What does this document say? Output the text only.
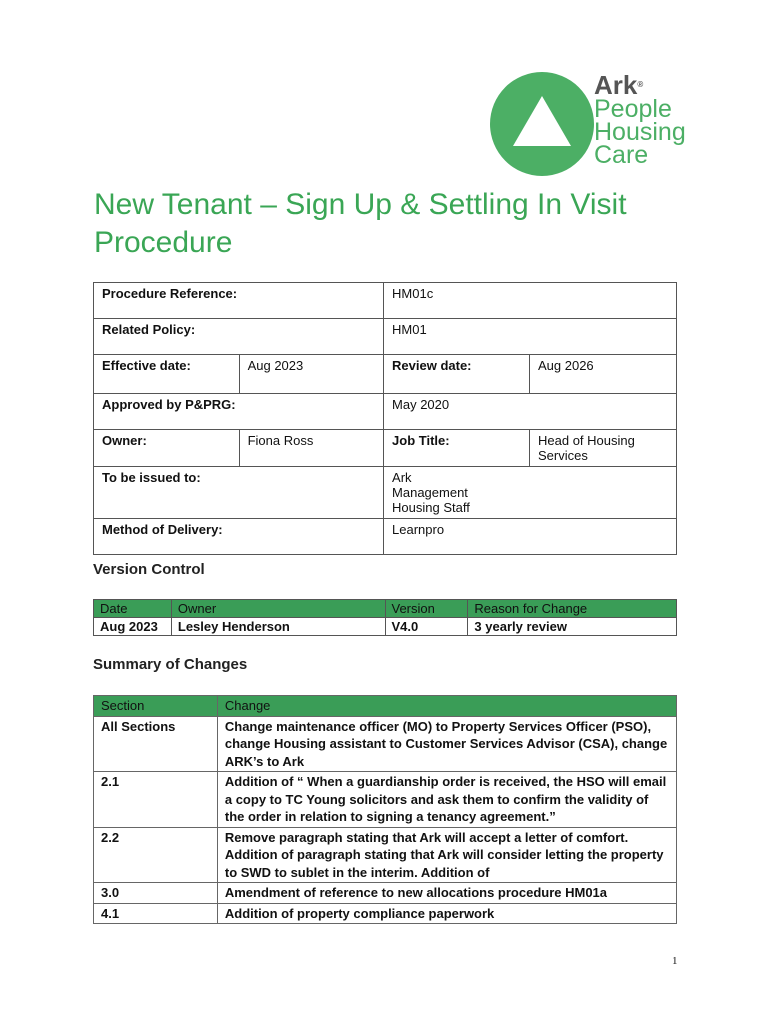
Ark®
People
Housing
Care
New Tenant – Sign Up & Settling In Visit Procedure
Procedure Reference:		HM01c	
Related Policy:		HM01	
Effective date:	Aug 2023	Review date:	Aug 2026
Approved by P&PRG:		May 2020	
Owner:	Fiona Ross	Job Title:	Head of Housing Services
To be issued to:		Ark Management Housing Staff	
Method of Delivery:		Learnpro	
Version Control
Date	Owner	Version	Reason for Change
Aug 2023	Lesley Henderson	V4.0	3 yearly review
Summary of Changes
Section	Change
All Sections	Change maintenance officer (MO) to Property Services Officer (PSO), change Housing assistant to Customer Services Advisor (CSA), change ARK’s to Ark
2.1	Addition of “ When a guardianship order is received, the HSO will email a copy to TC Young solicitors and ask them to confirm the validity of the order in relation to signing a tenancy agreement.”
2.2	Remove paragraph stating that Ark will accept a letter of comfort. Addition of paragraph stating that Ark will consider letting the property to SWD to sublet in the interim. Addition of
3.0	Amendment of reference to new allocations procedure HM01a
4.1	Addition of property compliance paperwork
1
